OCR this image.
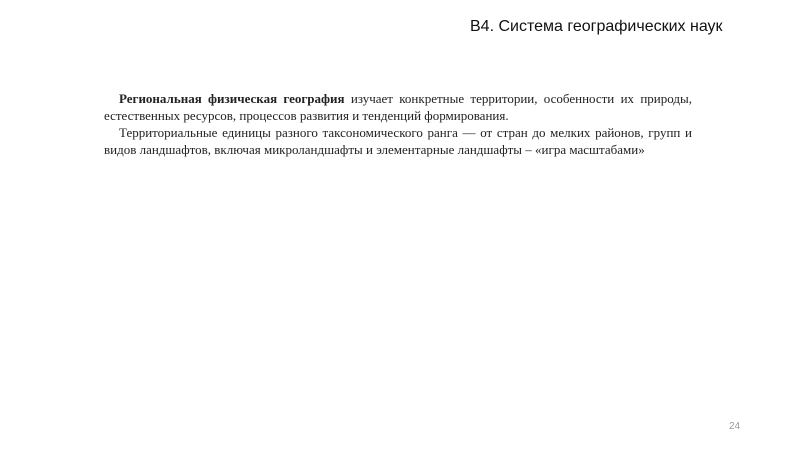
В4. Система географических наук

Региональная физическая география изучает конкретные территории, особенности их природы, естественных ресурсов, процессов развития и тенденций формирования.

Территориальные единицы разного таксономического ранга — от стран до мелких районов, групп и видов ландшафтов, включая микроландшафты и элементарные ландшафты – «игра масштабами»

24
